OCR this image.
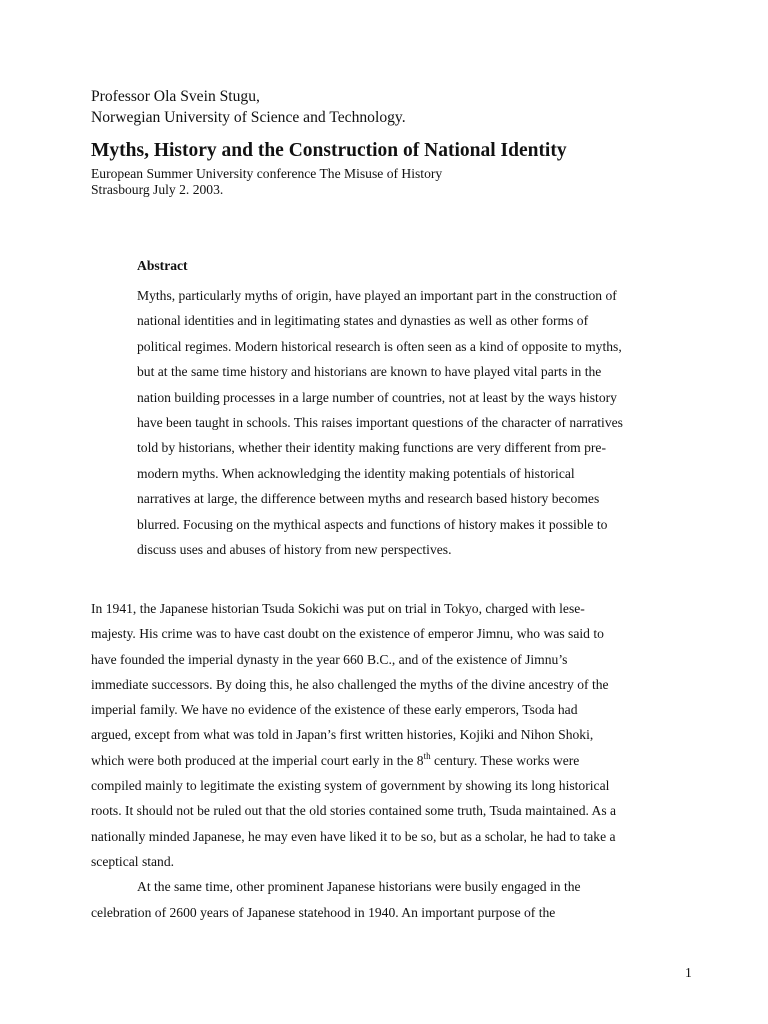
Professor Ola Svein Stugu,
Norwegian University of Science and Technology.
Myths, History and the Construction of National Identity
European Summer University conference The Misuse of History
Strasbourg July 2. 2003.
Abstract
Myths, particularly myths of origin, have played an important part in the construction of
national identities and in legitimating states and dynasties as well as other forms of
political regimes. Modern historical research is often seen as a kind of opposite to myths,
but at the same time history and historians are known to have played vital parts in the
nation building processes in a large number of countries, not at least by the ways history
have been taught in schools. This raises important questions of the character of narratives
told by historians, whether their identity making functions are very different from pre-
modern myths. When acknowledging the identity making potentials of historical
narratives at large, the difference between myths and research based history becomes
blurred. Focusing on the mythical aspects and functions of history makes it possible to
discuss uses and abuses of history from new perspectives.
In 1941, the Japanese historian Tsuda Sokichi was put on trial in Tokyo, charged with lese-
majesty. His crime was to have cast doubt on the existence of emperor Jimnu, who was said to
have founded the imperial dynasty in the year 660 B.C., and of the existence of Jimnu’s
immediate successors. By doing this, he also challenged the myths of the divine ancestry of the
imperial family. We have no evidence of the existence of these early emperors, Tsoda had
argued, except from what was told in Japan’s first written histories, Kojiki and Nihon Shoki,
which were both produced at the imperial court early in the 8th century. These works were
compiled mainly to legitimate the existing system of government by showing its long historical
roots. It should not be ruled out that the old stories contained some truth, Tsuda maintained. As a
nationally minded Japanese, he may even have liked it to be so, but as a scholar, he had to take a
sceptical stand.
At the same time, other prominent Japanese historians were busily engaged in the
celebration of 2600 years of Japanese statehood in 1940. An important purpose of the
1
